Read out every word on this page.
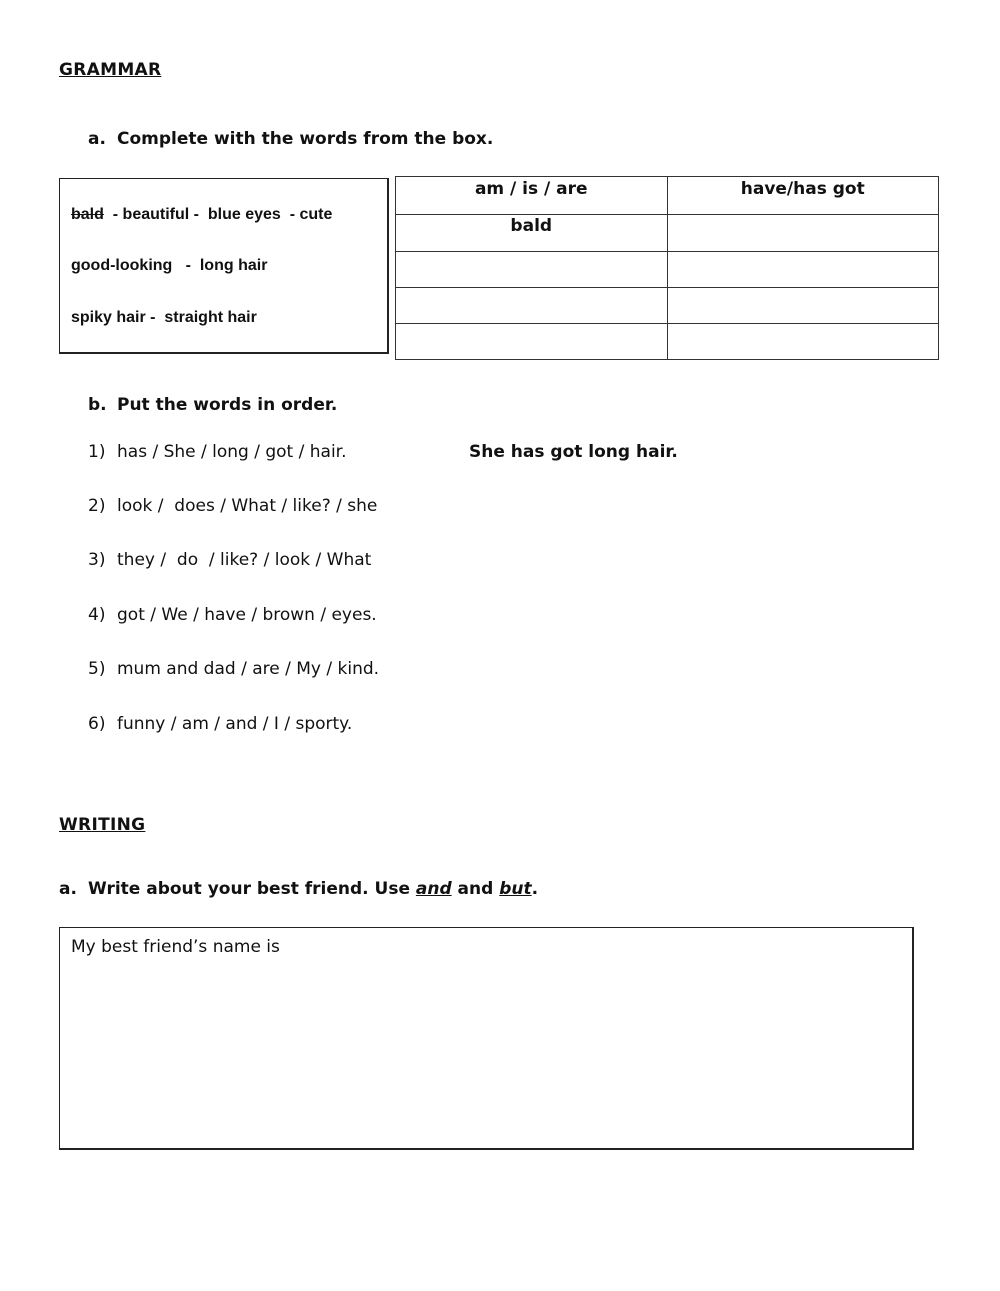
GRAMMAR
a. Complete with the words from the box.
bald  - beautiful -  blue eyes  - cute
good-looking   -  long hair
spiky hair -  straight hair
am / is / are	have/has got
bald	

b. Put the words in order.
1) has / She / long / got / hair.	She has got long hair.
2) look /  does / What / like? / she
3) they /  do  / like? / look / What
4) got / We / have / brown / eyes.
5) mum and dad / are / My / kind.
6) funny / am / and / I / sporty.
WRITING
a. Write about your best friend. Use and and but.
My best friend’s name is
